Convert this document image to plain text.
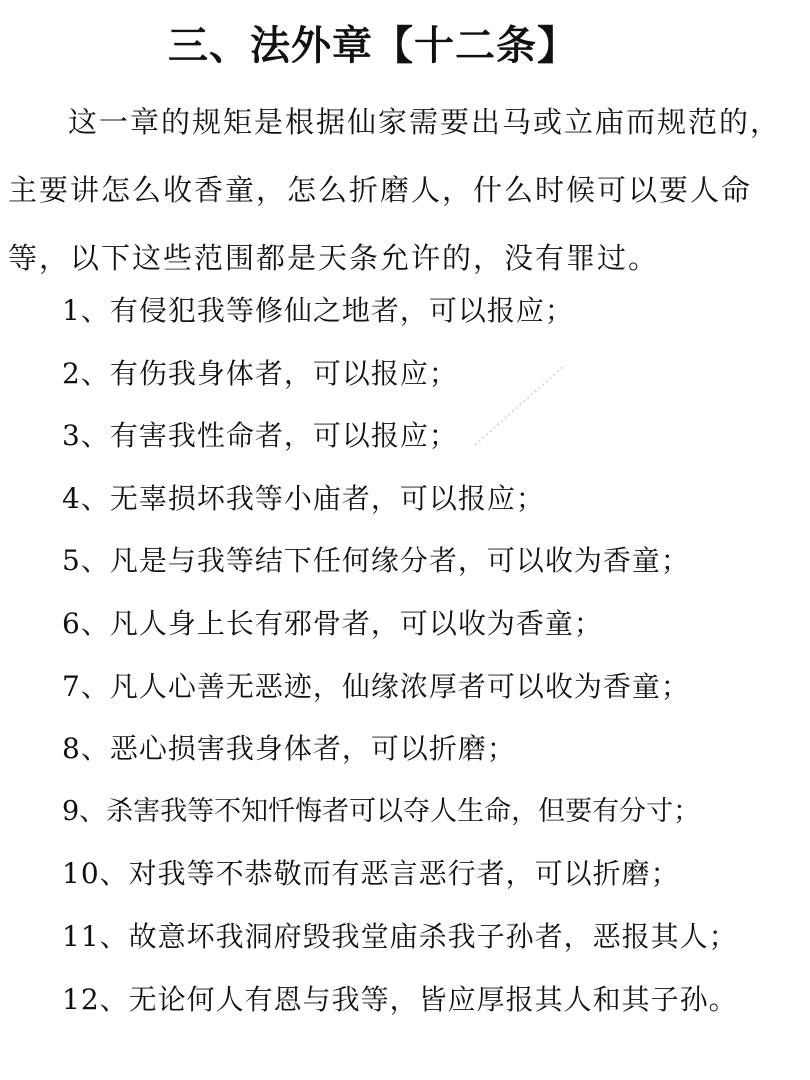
三、法外章【十二条】

这一章的规矩是根据仙家需要出马或立庙而规范的，主要讲怎么收香童，怎么折磨人，什么时候可以要人命等，以下这些范围都是天条允许的，没有罪过。

1、有侵犯我等修仙之地者，可以报应；
2、有伤我身体者，可以报应；
3、有害我性命者，可以报应；
4、无辜损坏我等小庙者，可以报应；
5、凡是与我等结下任何缘分者，可以收为香童；
6、凡人身上长有邪骨者，可以收为香童；
7、凡人心善无恶迹，仙缘浓厚者可以收为香童；
8、恶心损害我身体者，可以折磨；
9、杀害我等不知忏悔者可以夺人生命，但要有分寸；
10、对我等不恭敬而有恶言恶行者，可以折磨；
11、故意坏我洞府毁我堂庙杀我子孙者，恶报其人；
12、无论何人有恩与我等，皆应厚报其人和其子孙。
